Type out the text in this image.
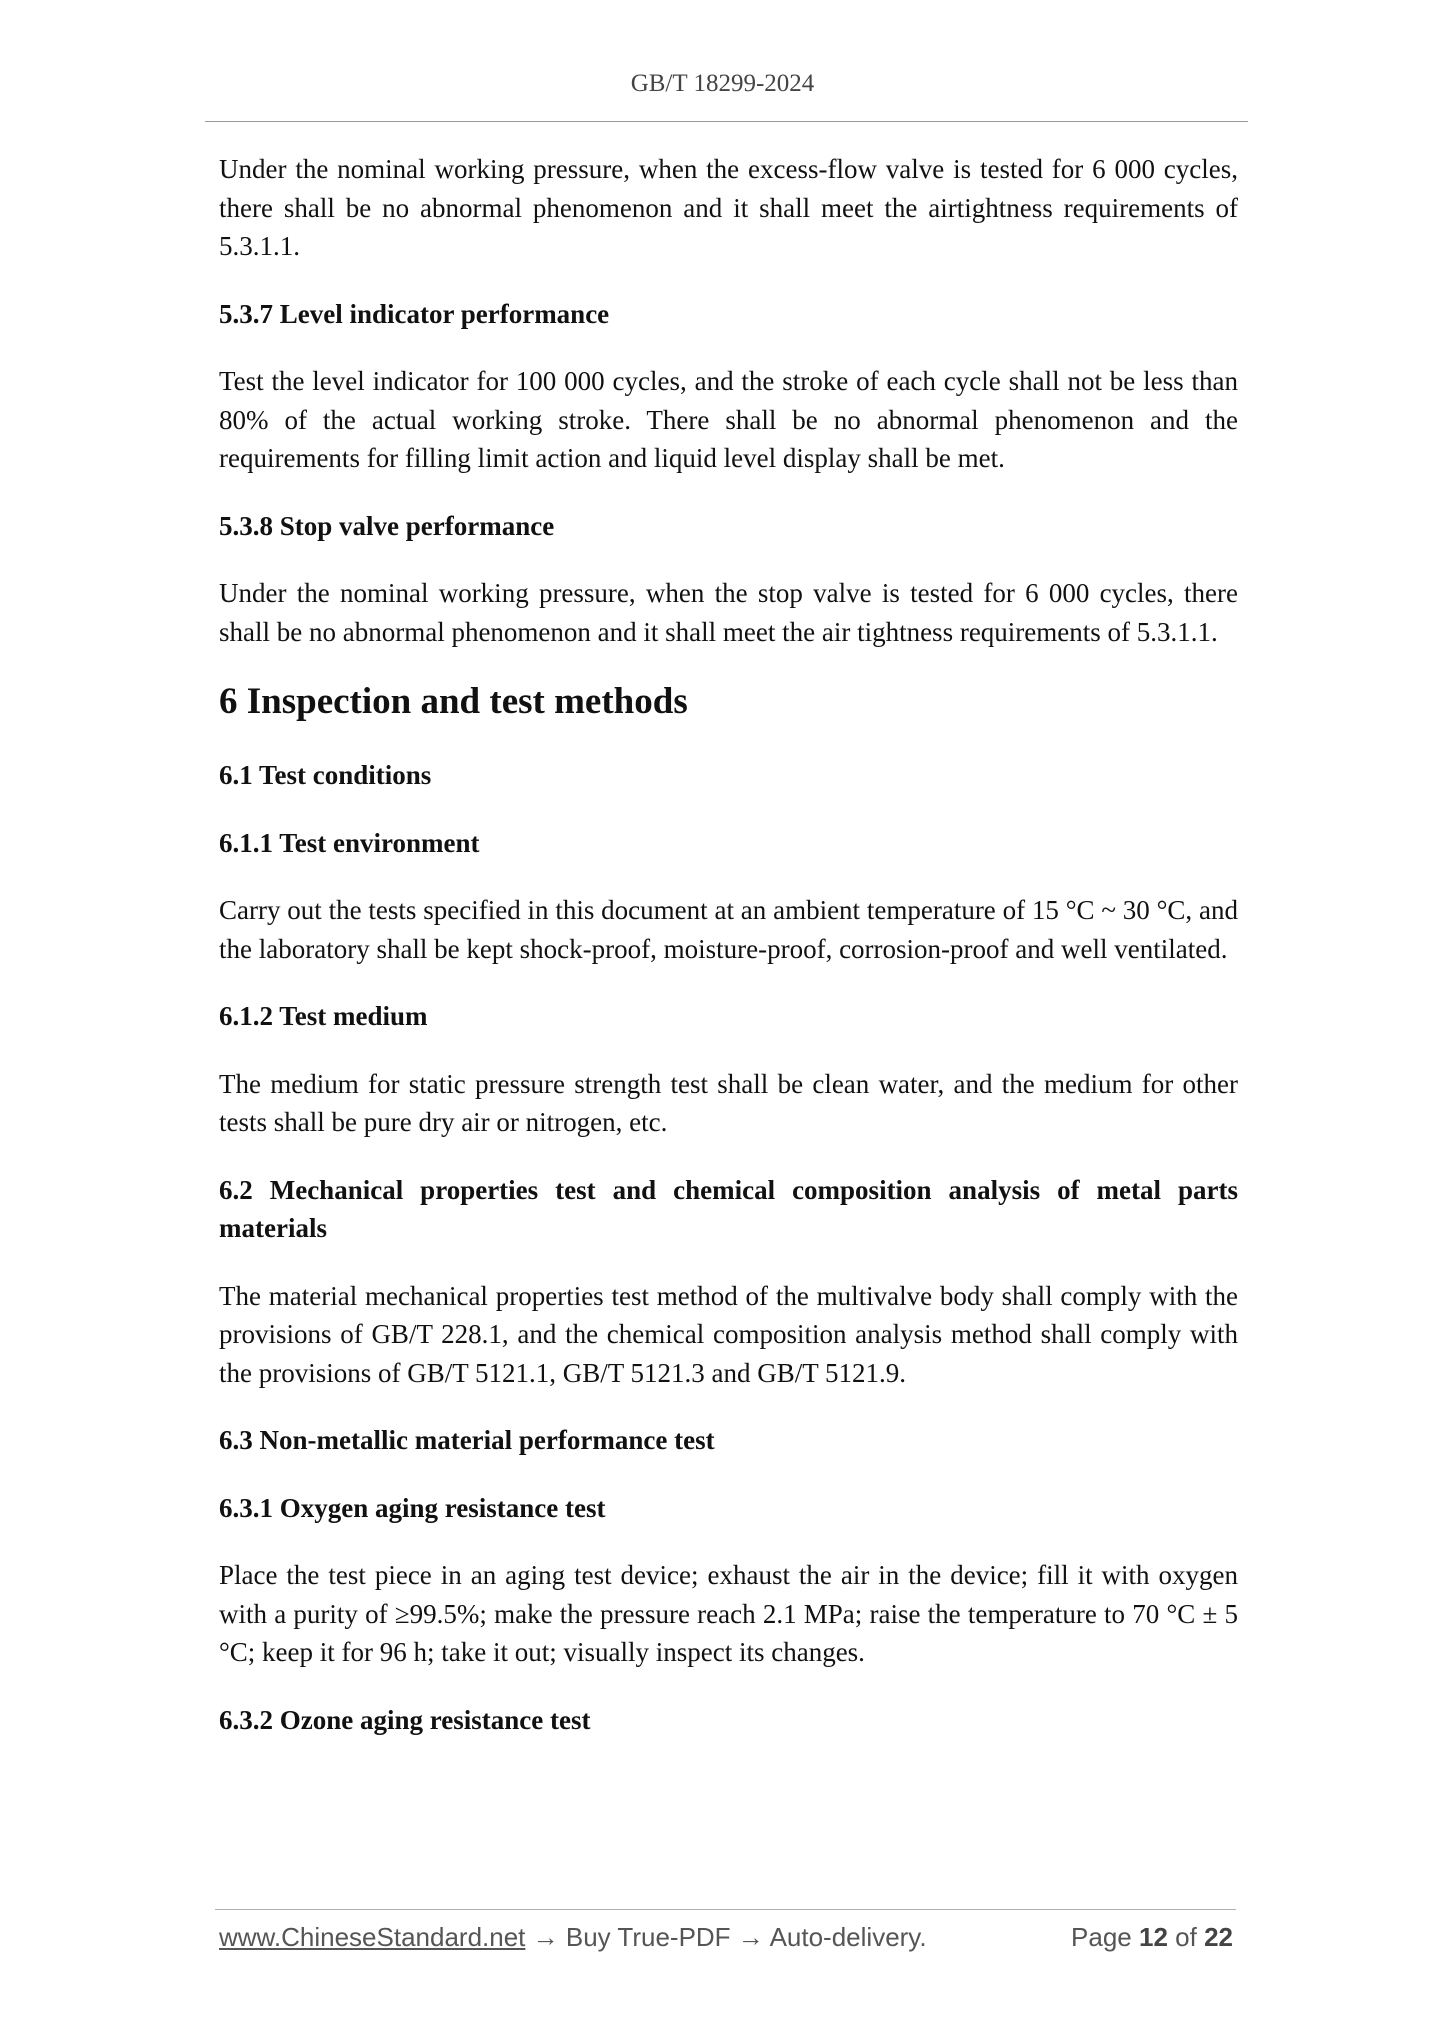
GB/T 18299-2024

Under the nominal working pressure, when the excess-flow valve is tested for 6 000 cycles, there shall be no abnormal phenomenon and it shall meet the airtightness requirements of 5.3.1.1.

5.3.7 Level indicator performance

Test the level indicator for 100 000 cycles, and the stroke of each cycle shall not be less than 80% of the actual working stroke. There shall be no abnormal phenomenon and the requirements for filling limit action and liquid level display shall be met.

5.3.8 Stop valve performance

Under the nominal working pressure, when the stop valve is tested for 6 000 cycles, there shall be no abnormal phenomenon and it shall meet the air tightness requirements of 5.3.1.1.

6 Inspection and test methods
6.1 Test conditions
6.1.1 Test environment

Carry out the tests specified in this document at an ambient temperature of 15 °C ~ 30 °C, and the laboratory shall be kept shock-proof, moisture-proof, corrosion-proof and well ventilated.

6.1.2 Test medium

The medium for static pressure strength test shall be clean water, and the medium for other tests shall be pure dry air or nitrogen, etc.

6.2 Mechanical properties test and chemical composition analysis of metal parts materials

The material mechanical properties test method of the multivalve body shall comply with the provisions of GB/T 228.1, and the chemical composition analysis method shall comply with the provisions of GB/T 5121.1, GB/T 5121.3 and GB/T 5121.9.

6.3 Non-metallic material performance test
6.3.1 Oxygen aging resistance test

Place the test piece in an aging test device; exhaust the air in the device; fill it with oxygen with a purity of ≥99.5%; make the pressure reach 2.1 MPa; raise the temperature to 70 °C ± 5 °C; keep it for 96 h; take it out; visually inspect its changes.

6.3.2 Ozone aging resistance test
www.ChineseStandard.net → Buy True-PDF → Auto-delivery.	Page 12 of 22
